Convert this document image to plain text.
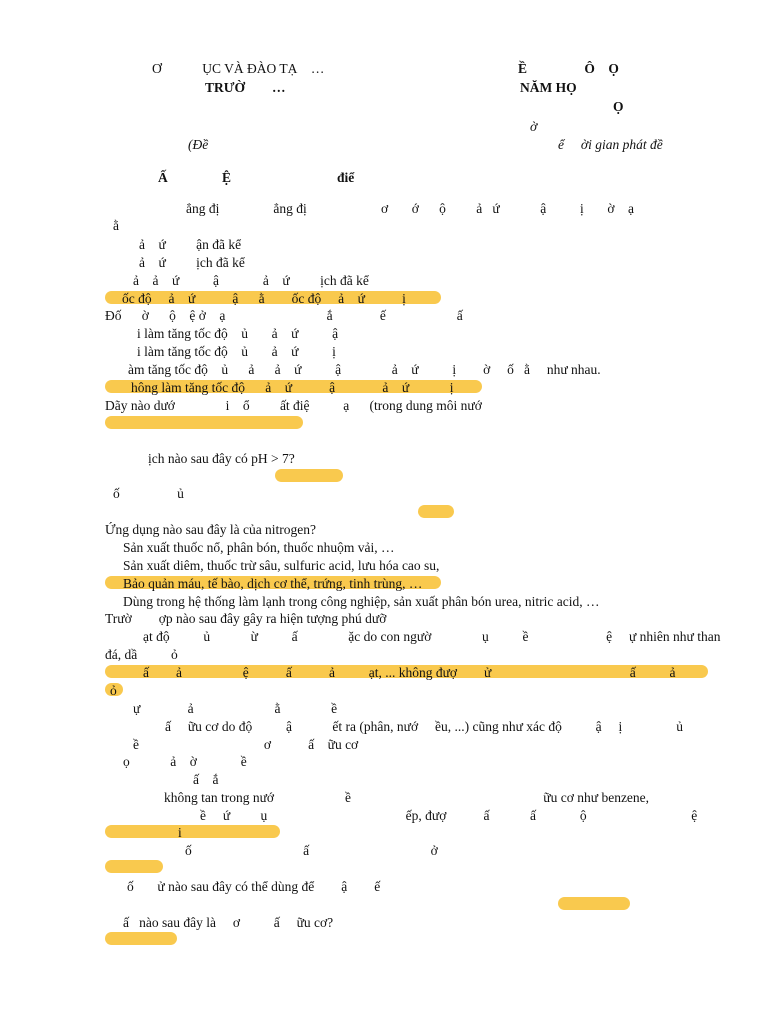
Ơ            ỤC VÀ ĐÀO TẠ    …
TRƯỜ        …
Ề                 Ô    Ọ
NĂM HỌ
Ọ
ờ
(Đề	ể     ời gian phát đề
Ấ	Ệ	điể
ẳng đị                ẳng đị                      ơ       ớ      ộ         ả   ứ            ậ          ị       ờ    ạ
ằ
ả    ứ         ận đã kể
ả    ứ         ịch đã kể
ả    ả    ứ          ậ             ả    ứ         ịch đã kể
ốc độ     ả    ứ           ậ      ằ        ốc độ     ả    ứ           ị
Đố      ờ      ộ    ệ ở    ạ                              ắ              ế                     ấ
i làm tăng tốc độ    ủ       ả    ứ          ậ
i làm tăng tốc độ    ủ       ả    ứ          ị
àm tăng tốc độ    ủ      ả      ả    ứ          ậ               ả    ứ          ị        ờ     ố   ằ     như nhau.
hông làm tăng tốc độ      ả    ứ           ậ              ả    ứ            ị
Dãy nào dướ               i    ổ         ất điệ          ạ      (trong dung môi nướ
ịch nào sau đây có pH > 7?
ố                 ủ
Ứng dụng nào sau đây là của nitrogen?
Sản xuất thuốc nổ, phân bón, thuốc nhuộm vải, …
Sản xuất diêm, thuốc trừ sâu, sulfuric acid, lưu hóa cao su,
Bảo quản máu, tế bào, dịch cơ thể, trứng, tinh trùng, …
Dùng trong hệ thống làm lạnh trong công nghiệp, sản xuất phân bón urea, nitric acid, …
Trườ        ợp nào sau đây gây ra hiện tượng phú dưỡ
ạt độ          ủ            ừ          ấ               ặc do con ngườ               ụ          ề                       ệ     ự nhiên như than
đá, dầ          ỏ
ấ        ả                  ệ           ấ           ả          ạt, ... không đượ        ử                                         ấ          ả
ỏ
ự              ả                        ằ               ề
ấ     ữu cơ do độ          ậ            ết ra (phân, nướ     ều, ...) cũng như xác độ          ậ     ị                ủ
ề                                     ơ           ấ    ữu cơ
ọ            ả    ờ             ề
ấ    ắ
không tan trong nướ                     ề                                                         ữu cơ như benzene,
ề     ứ         ụ                                         ếp, đượ           ấ            ấ             ộ                               ệ
i
ố                                 ấ                                    ở
ố       ử nào sau đây có thể dùng để        ậ        ế
ấ   nào sau đây là     ơ          ấ     ữu cơ?
